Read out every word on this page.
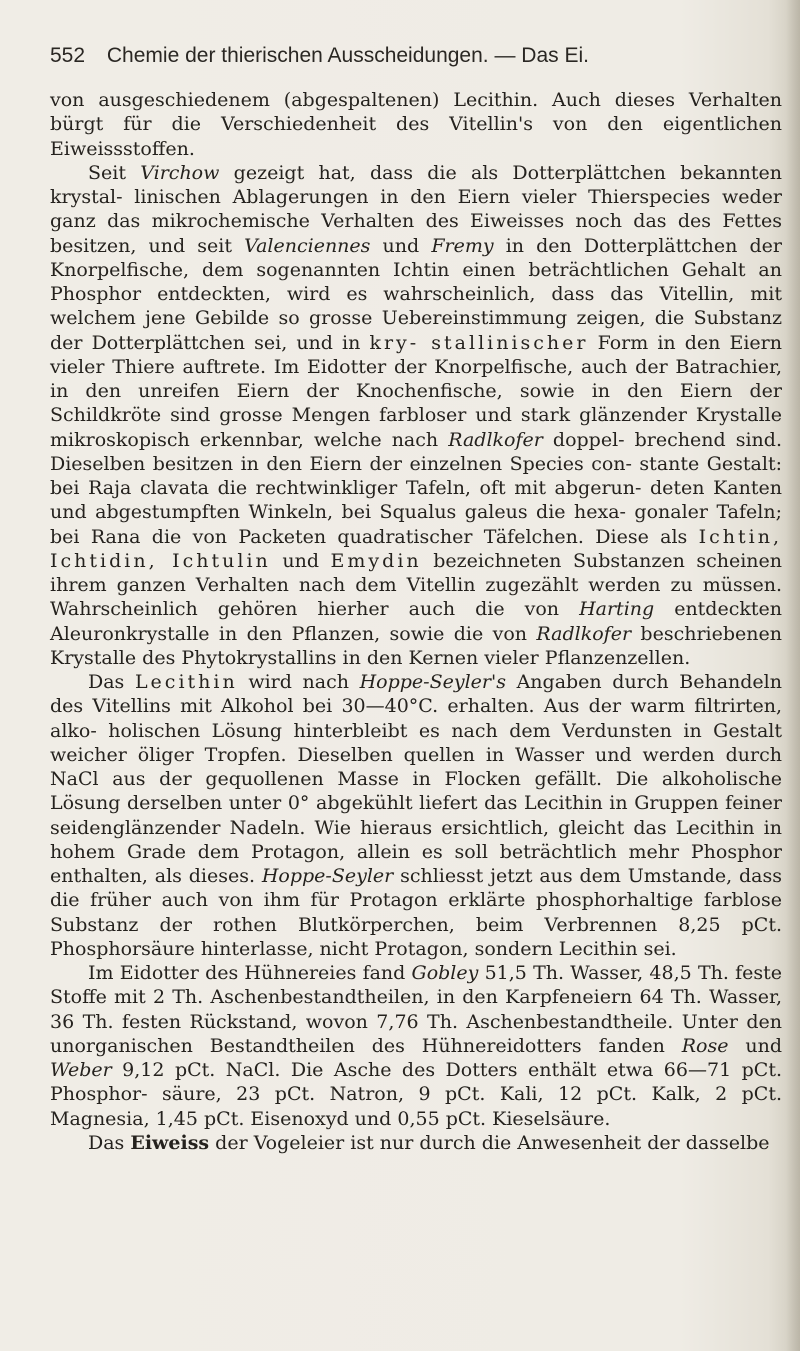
552 Chemie der thierischen Ausscheidungen. — Das Ei.

von ausgeschiedenem (abgespaltenen) Lecithin. Auch dieses Verhalten bürgt für die Verschiedenheit des Vitellin's von den eigentlichen Eiweissstoffen.

Seit Virchow gezeigt hat, dass die als Dotterplättchen bekannten krystal- linischen Ablagerungen in den Eiern vieler Thierspecies weder ganz das mikrochemische Verhalten des Eiweisses noch das des Fettes besitzen, und seit Valenciennes und Fremy in den Dotterplättchen der Knorpelfische, dem sogenannten Ichtin einen beträchtlichen Gehalt an Phosphor entdeckten, wird es wahrscheinlich, dass das Vitellin, mit welchem jene Gebilde so grosse Uebereinstimmung zeigen, die Substanz der Dotterplättchen sei, und in kry- stallinischer Form in den Eiern vieler Thiere auftrete. Im Eidotter der Knorpelfische, auch der Batrachier, in den unreifen Eiern der Knochenfische, sowie in den Eiern der Schildkröte sind grosse Mengen farbloser und stark glänzender Krystalle mikroskopisch erkennbar, welche nach Radlkofer doppel- brechend sind. Dieselben besitzen in den Eiern der einzelnen Species con- stante Gestalt: bei Raja clavata die rechtwinkliger Tafeln, oft mit abgerun- deten Kanten und abgestumpften Winkeln, bei Squalus galeus die hexa- gonaler Tafeln; bei Rana die von Packeten quadratischer Täfelchen. Diese als Ichtin, Ichtidin, Ichtulin und Emydin bezeichneten Substanzen scheinen ihrem ganzen Verhalten nach dem Vitellin zugezählt werden zu müssen. Wahrscheinlich gehören hierher auch die von Harting entdeckten Aleuronkrystalle in den Pflanzen, sowie die von Radlkofer beschriebenen Krystalle des Phytokrystallins in den Kernen vieler Pflanzenzellen.

Das Lecithin wird nach Hoppe-Seyler's Angaben durch Behandeln des Vitellins mit Alkohol bei 30—40°C. erhalten. Aus der warm filtrirten, alko- holischen Lösung hinterbleibt es nach dem Verdunsten in Gestalt weicher öliger Tropfen. Dieselben quellen in Wasser und werden durch NaCl aus der gequollenen Masse in Flocken gefällt. Die alkoholische Lösung derselben unter 0° abgekühlt liefert das Lecithin in Gruppen feiner seidenglänzender Nadeln. Wie hieraus ersichtlich, gleicht das Lecithin in hohem Grade dem Protagon, allein es soll beträchtlich mehr Phosphor enthalten, als dieses. Hoppe-Seyler schliesst jetzt aus dem Umstande, dass die früher auch von ihm für Protagon erklärte phosphorhaltige farblose Substanz der rothen Blutkörperchen, beim Verbrennen 8,25 pCt. Phosphorsäure hinterlasse, nicht Protagon, sondern Lecithin sei.

Im Eidotter des Hühnereies fand Gobley 51,5 Th. Wasser, 48,5 Th. feste Stoffe mit 2 Th. Aschenbestandtheilen, in den Karpfeneiern 64 Th. Wasser, 36 Th. festen Rückstand, wovon 7,76 Th. Aschenbestandtheile. Unter den unorganischen Bestandtheilen des Hühnereidotters fanden Rose und Weber 9,12 pCt. NaCl. Die Asche des Dotters enthält etwa 66—71 pCt. Phosphor- säure, 23 pCt. Natron, 9 pCt. Kali, 12 pCt. Kalk, 2 pCt. Magnesia, 1,45 pCt. Eisenoxyd und 0,55 pCt. Kieselsäure.

Das Eiweiss der Vogeleier ist nur durch die Anwesenheit der dasselbe
